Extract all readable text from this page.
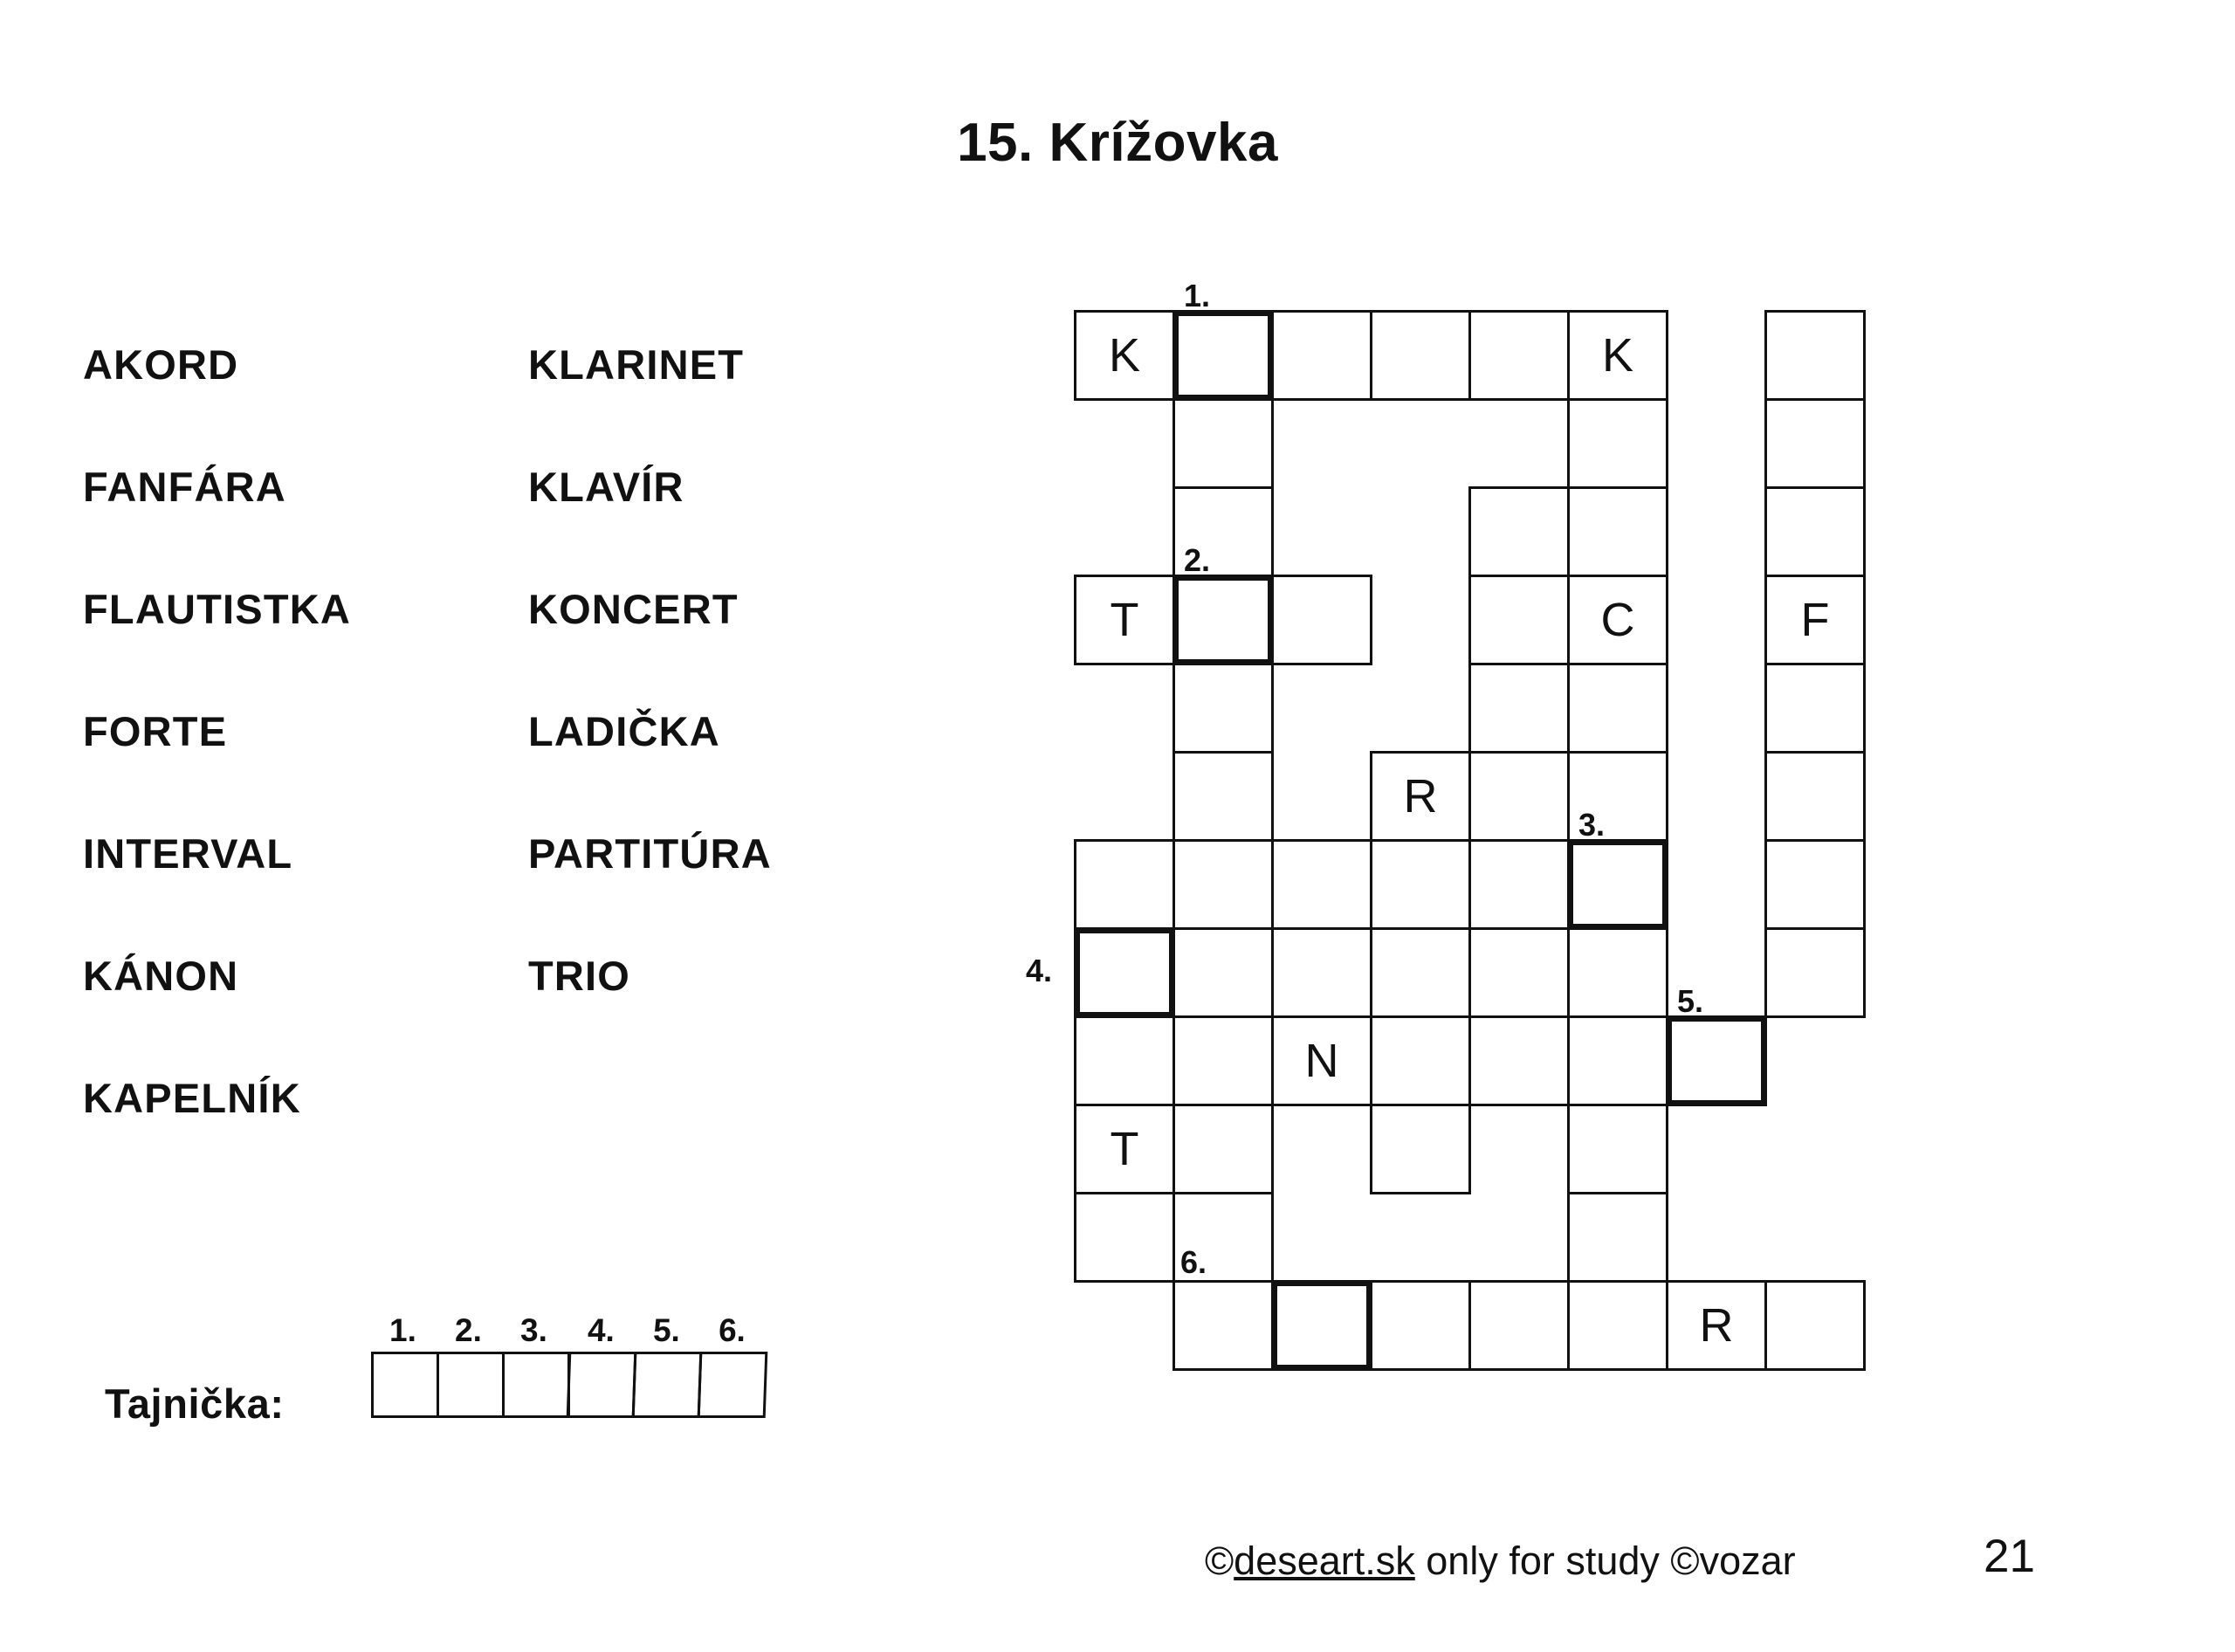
15. Krížovka
AKORD
FANFÁRA
FLAUTISTKA
FORTE
INTERVAL
KÁNON
KAPELNÍK
KLARINET
KLAVÍR
KONCERT
LADIČKA
PARTITÚRA
TRIO
Tajnička:
1. 2. 3. 4. 5. 6.
K
1.
K
T
2.
C	F
R
3.
4.
N
5.
T
6.
R
©deseart.sk only for study ©vozar	21
